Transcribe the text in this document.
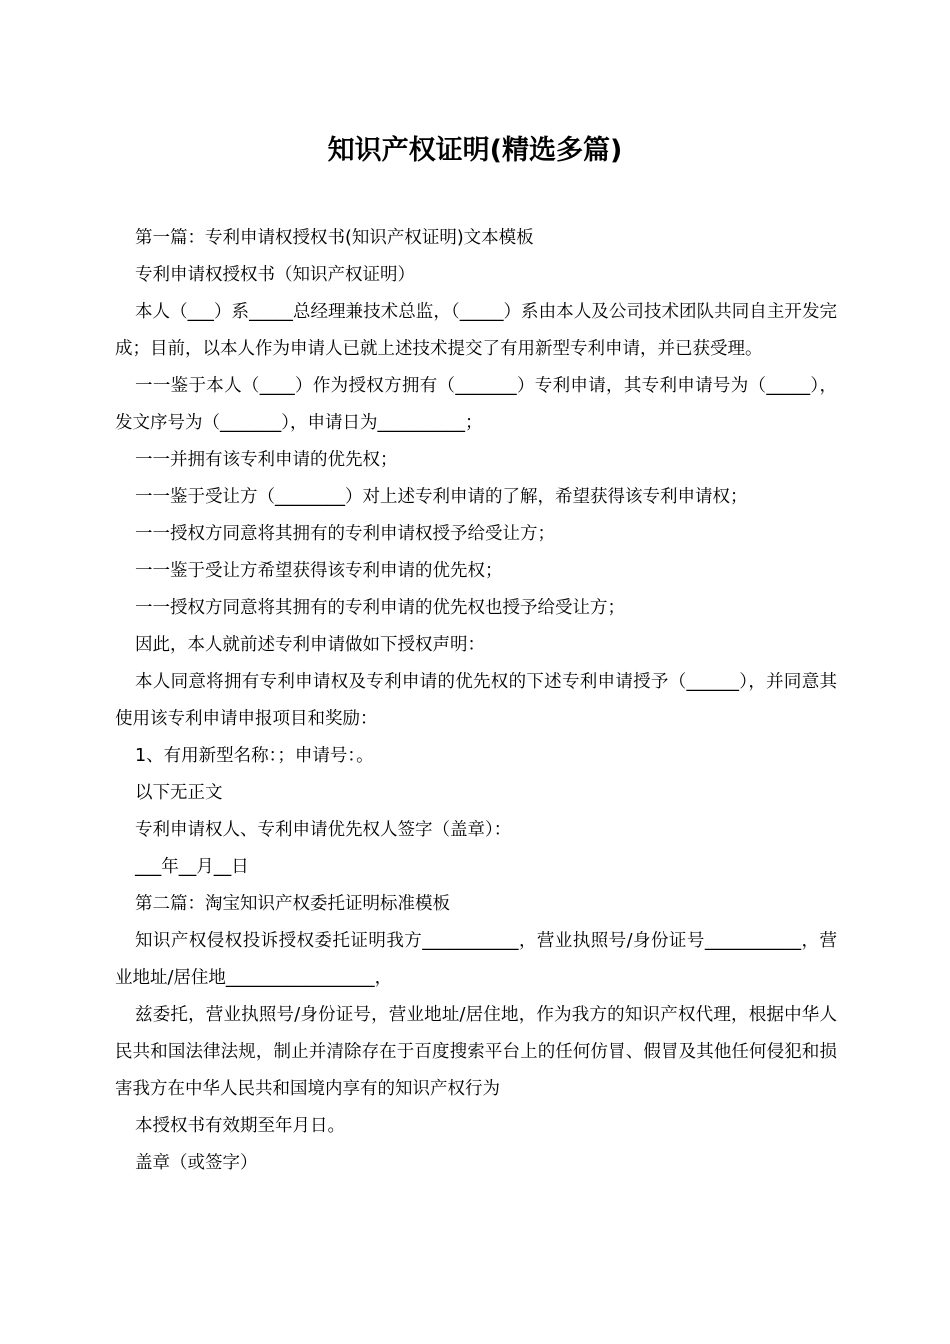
知识产权证明(精选多篇)

第一篇：专利申请权授权书(知识产权证明)文本模板

专利申请权授权书（知识产权证明）

本人（___）系_____总经理兼技术总监，（_____）系由本人及公司技术团队共同自主开发完成；目前，以本人作为申请人已就上述技术提交了有用新型专利申请，并已获受理。

一一鉴于本人（____）作为授权方拥有（_______）专利申请，其专利申请号为（_____），发文序号为（_______），申请日为__________；

一一并拥有该专利申请的优先权；

一一鉴于受让方（________）对上述专利申请的了解，希望获得该专利申请权；

一一授权方同意将其拥有的专利申请权授予给受让方；

一一鉴于受让方希望获得该专利申请的优先权；

一一授权方同意将其拥有的专利申请的优先权也授予给受让方；

因此，本人就前述专利申请做如下授权声明：

本人同意将拥有专利申请权及专利申请的优先权的下述专利申请授予（______），并同意其使用该专利申请申报项目和奖励：

1、有用新型名称：；申请号：。

以下无正文

专利申请权人、专利申请优先权人签字（盖章）：

___年__月__日

第二篇：淘宝知识产权委托证明标准模板

知识产权侵权投诉授权委托证明我方___________，营业执照号/身份证号___________，营业地址/居住地_________________，

兹委托，营业执照号/身份证号，营业地址/居住地，作为我方的知识产权代理，根据中华人民共和国法律法规，制止并清除存在于百度搜索平台上的任何仿冒、假冒及其他任何侵犯和损害我方在中华人民共和国境内享有的知识产权行为

本授权书有效期至年月日。

盖章（或签字）
